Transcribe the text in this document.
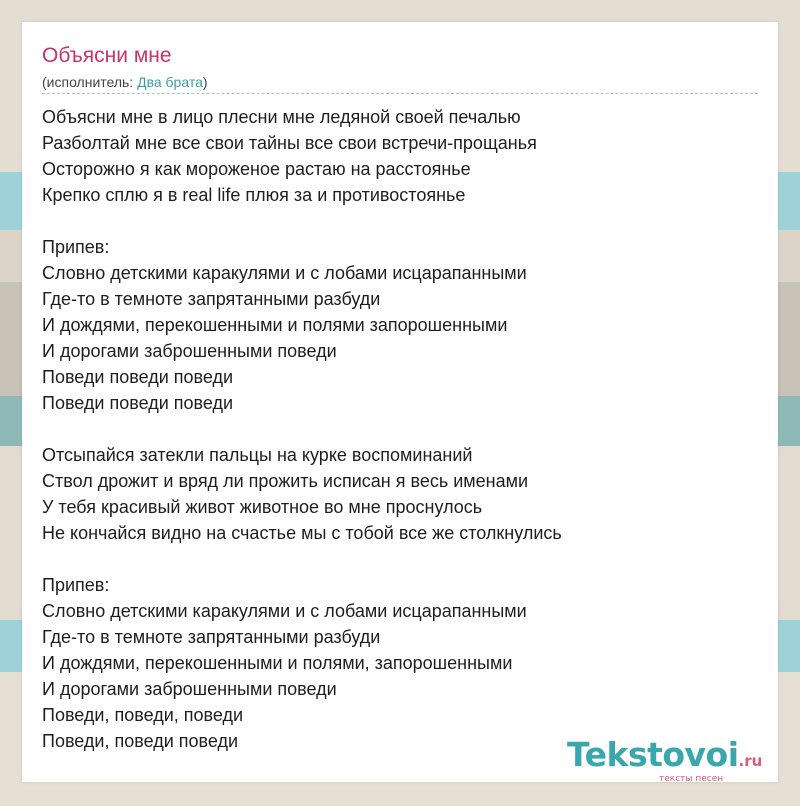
Объясни мне
(исполнитель: Два брата)
Объясни мне в лицо плесни мне ледяной своей печалью
Разболтай мне все свои тайны все свои встречи-прощанья
Осторожно я как мороженое растаю на расстоянье
Крепко сплю я в real life плюя за и противостоянье
Припев:
Словно детскими каракулями и с лобами исцарапанными
Где-то в темноте запрятанными разбуди
И дождями, перекошенными и полями запорошенными
И дорогами заброшенными поведи
Поведи поведи поведи
Поведи поведи поведи
Отсыпайся затекли пальцы на курке воспоминаний
Ствол дрожит и вряд ли прожить исписан я весь именами
У тебя красивый живот животное во мне проснулось
Не кончайся видно на счастье мы с тобой все же столкнулись
Припев:
Словно детскими каракулями и с лобами исцарапанными
Где-то в темноте запрятанными разбуди
И дождями, перекошенными и полями, запорошенными
И дорогами заброшенными поведи
Поведи, поведи, поведи
Поведи, поведи поведи	Tekstovoi.ru
тексты песен
